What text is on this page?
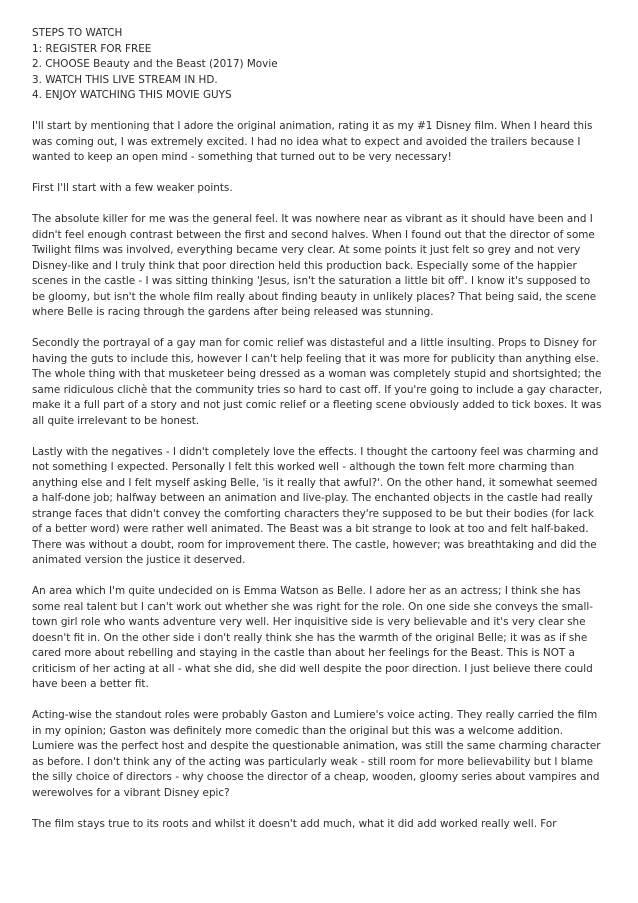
STEPS TO WATCH
1: REGISTER FOR FREE
2. CHOOSE Beauty and the Beast (2017) Movie
3. WATCH THIS LIVE STREAM IN HD.
4. ENJOY WATCHING THIS MOVIE GUYS

I'll start by mentioning that I adore the original animation, rating it as my #1 Disney film. When I heard this was coming out, I was extremely excited. I had no idea what to expect and avoided the trailers because I wanted to keep an open mind - something that turned out to be very necessary!

First I'll start with a few weaker points.

The absolute killer for me was the general feel. It was nowhere near as vibrant as it should have been and I didn't feel enough contrast between the first and second halves. When I found out that the director of some Twilight films was involved, everything became very clear. At some points it just felt so grey and not very Disney-like and I truly think that poor direction held this production back. Especially some of the happier scenes in the castle - I was sitting thinking 'Jesus, isn't the saturation a little bit off'. I know it's supposed to be gloomy, but isn't the whole film really about finding beauty in unlikely places? That being said, the scene where Belle is racing through the gardens after being released was stunning.

Secondly the portrayal of a gay man for comic relief was distasteful and a little insulting. Props to Disney for having the guts to include this, however I can't help feeling that it was more for publicity than anything else. The whole thing with that musketeer being dressed as a woman was completely stupid and shortsighted; the same ridiculous clichè that the community tries so hard to cast off. If you're going to include a gay character, make it a full part of a story and not just comic relief or a fleeting scene obviously added to tick boxes. It was all quite irrelevant to be honest.

Lastly with the negatives - I didn't completely love the effects. I thought the cartoony feel was charming and not something I expected. Personally I felt this worked well - although the town felt more charming than anything else and I felt myself asking Belle, 'is it really that awful?'. On the other hand, it somewhat seemed a half-done job; halfway between an animation and live-play. The enchanted objects in the castle had really strange faces that didn't convey the comforting characters they're supposed to be but their bodies (for lack of a better word) were rather well animated. The Beast was a bit strange to look at too and felt half-baked. There was without a doubt, room for improvement there. The castle, however; was breathtaking and did the animated version the justice it deserved.

An area which I'm quite undecided on is Emma Watson as Belle. I adore her as an actress; I think she has some real talent but I can't work out whether she was right for the role. On one side she conveys the small-town girl role who wants adventure very well. Her inquisitive side is very believable and it's very clear she doesn't fit in. On the other side i don't really think she has the warmth of the original Belle; it was as if she cared more about rebelling and staying in the castle than about her feelings for the Beast. This is NOT a criticism of her acting at all - what she did, she did well despite the poor direction. I just believe there could have been a better fit.

Acting-wise the standout roles were probably Gaston and Lumiere's voice acting. They really carried the film in my opinion; Gaston was definitely more comedic than the original but this was a welcome addition. Lumiere was the perfect host and despite the questionable animation, was still the same charming character as before. I don't think any of the acting was particularly weak - still room for more believability but I blame the silly choice of directors - why choose the director of a cheap, wooden, gloomy series about vampires and werewolves for a vibrant Disney epic?

The film stays true to its roots and whilst it doesn't add much, what it did add worked really well. For
